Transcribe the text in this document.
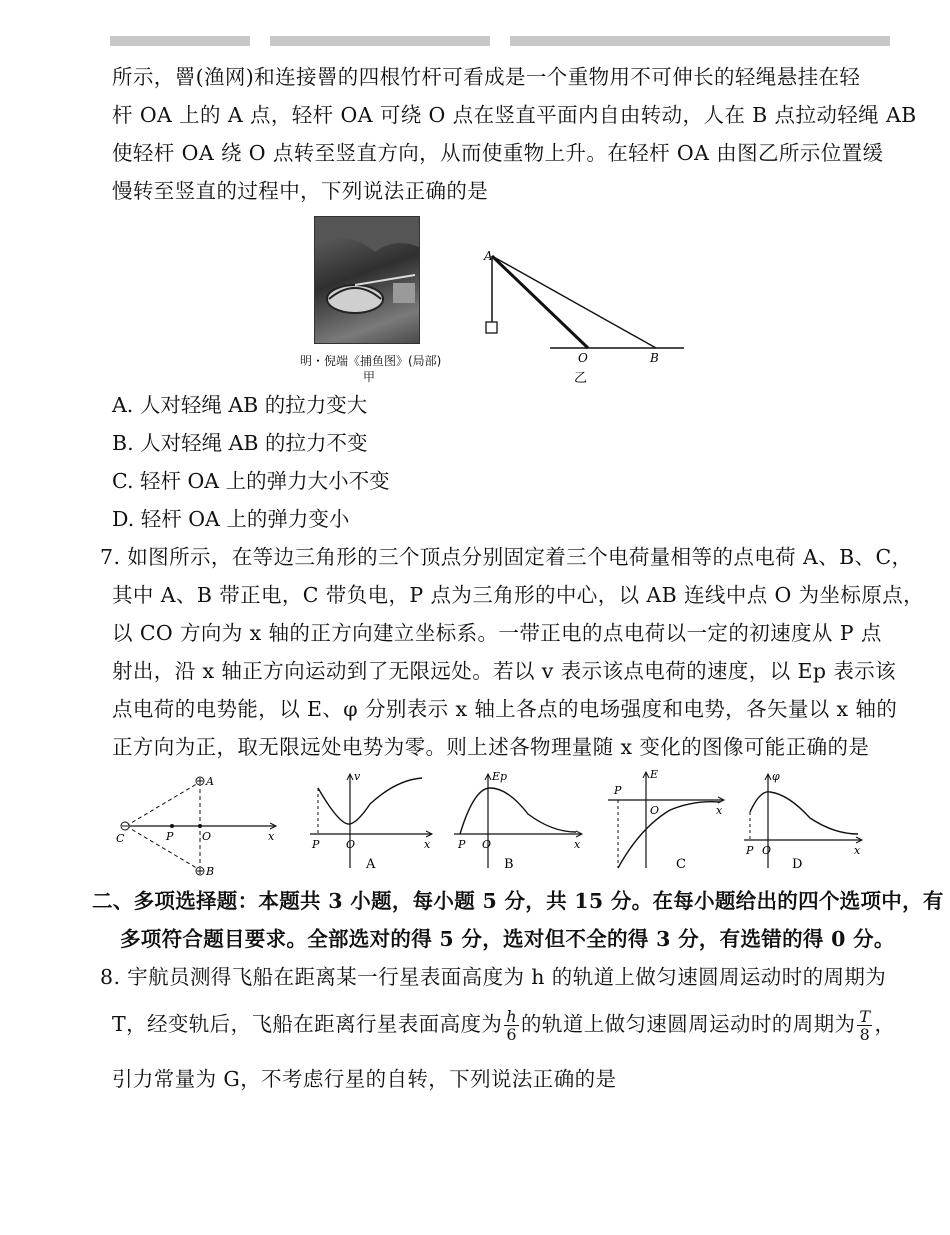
所示，罾(渔网)和连接罾的四根竹杆可看成是一个重物用不可伸长的轻绳悬挂在轻
杆 OA 上的 A 点，轻杆 OA 可绕 O 点在竖直平面内自由转动，人在 B 点拉动轻绳 AB
使轻杆 OA 绕 O 点转至竖直方向，从而使重物上升。在轻杆 OA 由图乙所示位置缓
慢转至竖直的过程中，下列说法正确的是
明・倪端《捕鱼图》(局部)
甲
A
O	B
乙
A. 人对轻绳 AB 的拉力变大
B. 人对轻绳 AB 的拉力不变
C. 轻杆 OA 上的弹力大小不变
D. 轻杆 OA 上的弹力变小
7. 如图所示，在等边三角形的三个顶点分别固定着三个电荷量相等的点电荷 A、B、C，
其中 A、B 带正电，C 带负电，P 点为三角形的中心，以 AB 连线中点 O 为坐标原点，
以 CO 方向为 x 轴的正方向建立坐标系。一带正电的点电荷以一定的初速度从 P 点
射出，沿 x 轴正方向运动到了无限远处。若以 v 表示该点电荷的速度，以 Ep 表示该
点电荷的电势能，以 E、φ 分别表示 x 轴上各点的电场强度和电势，各矢量以 x 轴的
正方向为正，取无限远处电势为零。则上述各物理量随 x 变化的图像可能正确的是
A
B
C	P	O	x
v
P O	x
A
Ep
P O	x
B
E
P
O	x
C
φ
P O	x
D
二、多项选择题：本题共 3 小题，每小题 5 分，共 15 分。在每小题给出的四个选项中，有
多项符合题目要求。全部选对的得 5 分，选对但不全的得 3 分，有选错的得 0 分。
8. 宇航员测得飞船在距离某一行星表面高度为 h 的轨道上做匀速圆周运动时的周期为
T，经变轨后，飞船在距离行星表面高度为 $\frac{h}{6}$ 的轨道上做匀速圆周运动时的周期为 $\frac{T}{8}$ ，
引力常量为 G，不考虑行星的自转，下列说法正确的是
